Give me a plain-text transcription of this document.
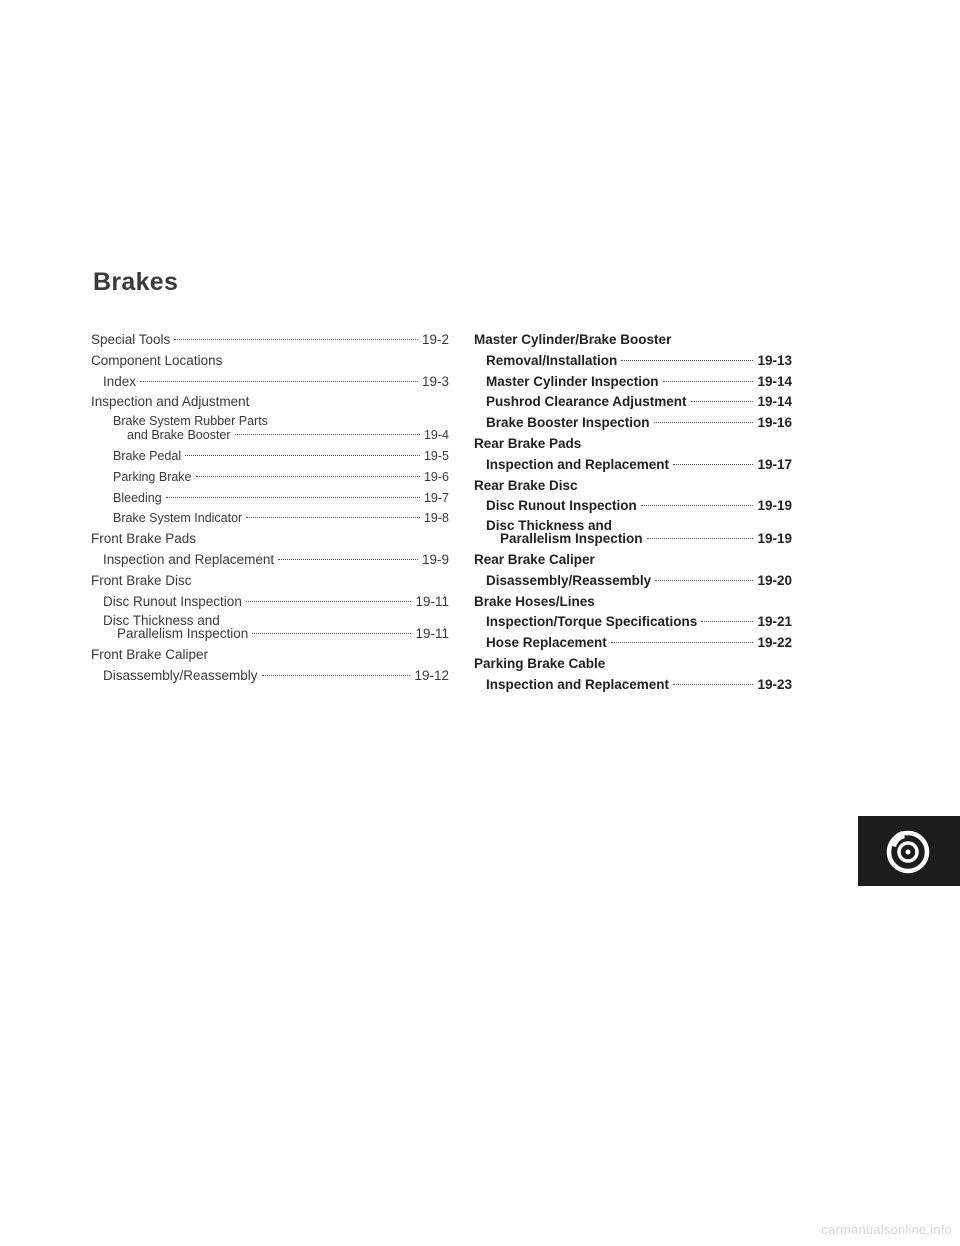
Brakes
Special Tools	19-2
Component Locations
Index	19-3
Inspection and Adjustment
Brake System Rubber Parts
and Brake Booster	19-4
Brake Pedal	19-5
Parking Brake	19-6
Bleeding	19-7
Brake System Indicator	19-8
Front Brake Pads
Inspection and Replacement	19-9
Front Brake Disc
Disc Runout Inspection	19-11
Disc Thickness and
Parallelism Inspection	19-11
Front Brake Caliper
Disassembly/Reassembly	19-12
Master Cylinder/Brake Booster
Removal/Installation	19-13
Master Cylinder Inspection	19-14
Pushrod Clearance Adjustment	19-14
Brake Booster Inspection	19-16
Rear Brake Pads
Inspection and Replacement	19-17
Rear Brake Disc
Disc Runout Inspection	19-19
Disc Thickness and
Parallelism Inspection	19-19
Rear Brake Caliper
Disassembly/Reassembly	19-20
Brake Hoses/Lines
Inspection/Torque Specifications	19-21
Hose Replacement	19-22
Parking Brake Cable
Inspection and Replacement	19-23
carmanualsonline.info
